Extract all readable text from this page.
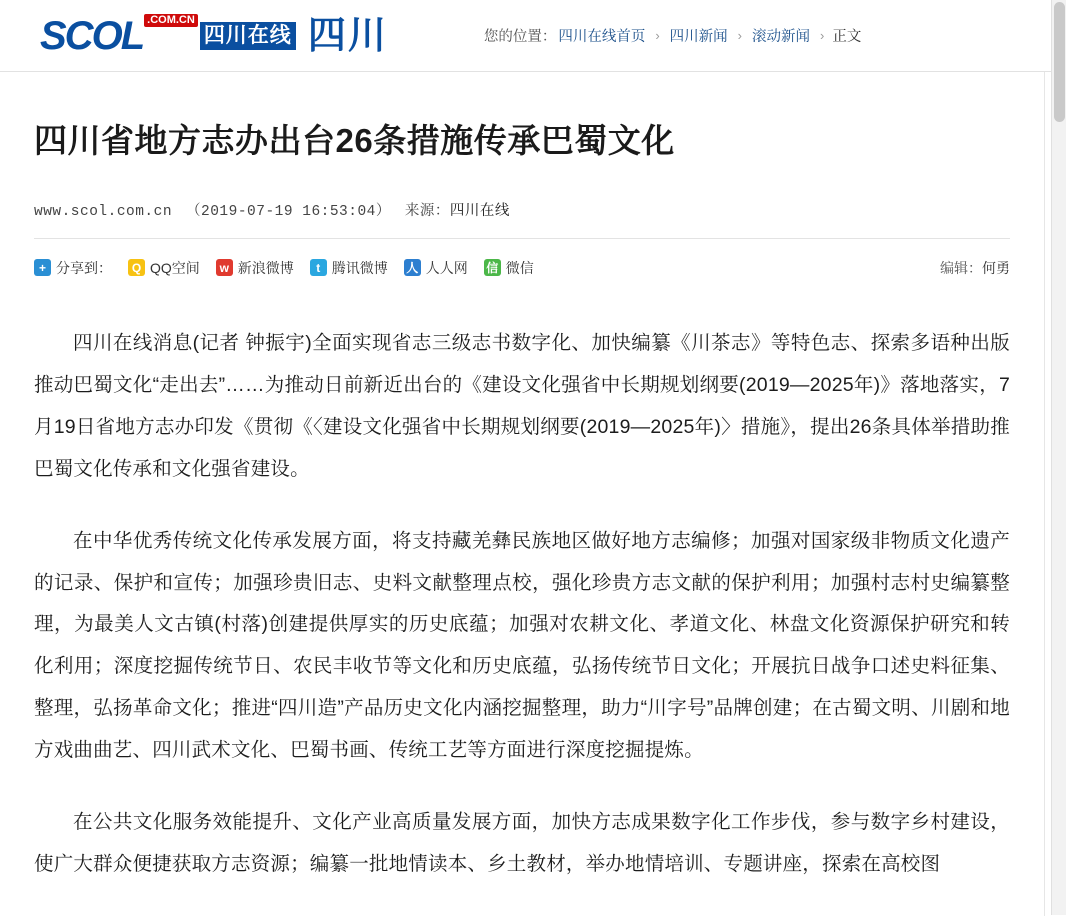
SCOL .COM.CN
四川在线 四川	您的位置： 四川在线首页 › 四川新闻 › 滚动新闻 › 正文
四川省地方志办出台26条措施传承巴蜀文化
www.scol.com.cn （2019-07-19 16:53:04） 来源：四川在线
+ 分享到：	Q QQ空间	w 新浪微博	t 腾讯微博 人 人人网 信 微信	编辑：何勇

四川在线消息(记者 钟振宇)全面实现省志三级志书数字化、加快编纂《川茶志》等特色志、探索多语种出版推动巴蜀文化“走出去”……为推动日前新近出台的《建设文化强省中长期规划纲要(2019—2025年)》落地落实，7月19日省地方志办印发《贯彻《〈建设文化强省中长期规划纲要(2019—2025年)〉措施》，提出26条具体举措助推巴蜀文化传承和文化强省建设。

在中华优秀传统文化传承发展方面，将支持藏羌彝民族地区做好地方志编修；加强对国家级非物质文化遗产的记录、保护和宣传；加强珍贵旧志、史料文献整理点校，强化珍贵方志文献的保护利用；加强村志村史编纂整理，为最美人文古镇(村落)创建提供厚实的历史底蕴；加强对农耕文化、孝道文化、林盘文化资源保护研究和转化利用；深度挖掘传统节日、农民丰收节等文化和历史底蕴，弘扬传统节日文化；开展抗日战争口述史料征集、整理，弘扬革命文化；推进“四川造”产品历史文化内涵挖掘整理，助力“川字号”品牌创建；在古蜀文明、川剧和地方戏曲曲艺、四川武术文化、巴蜀书画、传统工艺等方面进行深度挖掘提炼。

在公共文化服务效能提升、文化产业高质量发展方面，加快方志成果数字化工作步伐，参与数字乡村建设，使广大群众便捷获取方志资源；编纂一批地情读本、乡土教材，举办地情培训、专题讲座，探索在高校图
